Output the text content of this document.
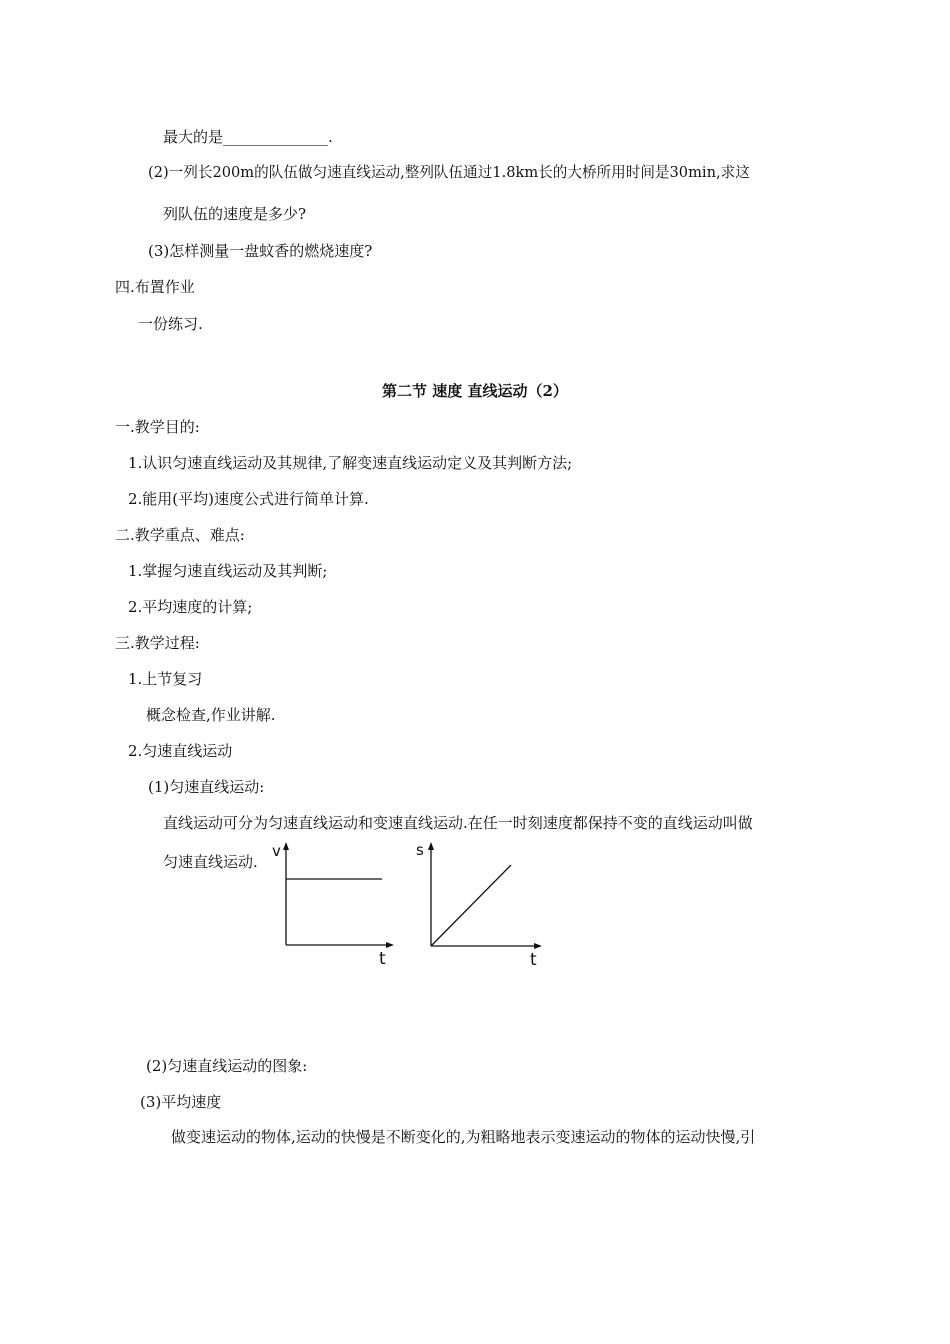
最大的是______________.
(2)一列长200m的队伍做匀速直线运动,整列队伍通过1.8km长的大桥所用时间是30min,求这
列队伍的速度是多少?
(3)怎样测量一盘蚊香的燃烧速度?
四.布置作业
一份练习.
第二节 速度 直线运动（2）
一.教学目的:
1.认识匀速直线运动及其规律,了解变速直线运动定义及其判断方法;
2.能用(平均)速度公式进行简单计算.
二.教学重点、难点:
1.掌握匀速直线运动及其判断;
2.平均速度的计算;
三.教学过程:
1.上节复习
概念检查,作业讲解.
2.匀速直线运动
(1)匀速直线运动:
直线运动可分为匀速直线运动和变速直线运动.在任一时刻速度都保持不变的直线运动叫做
匀速直线运动.
v
t
s
t
(2)匀速直线运动的图象:
(3)平均速度
做变速运动的物体,运动的快慢是不断变化的,为粗略地表示变速运动的物体的运动快慢,引
